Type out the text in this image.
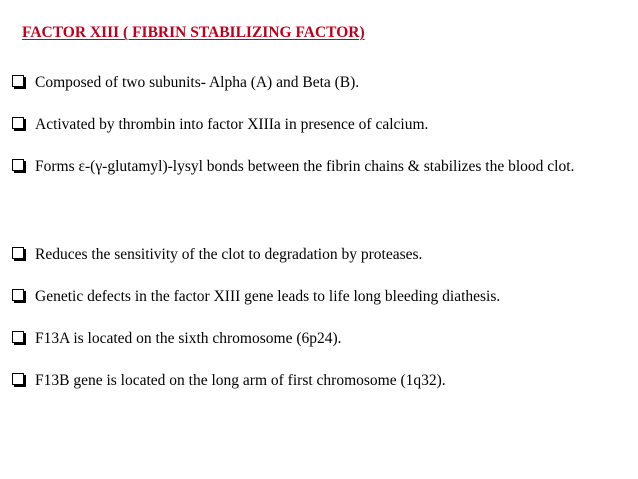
FACTOR XIII ( FIBRIN STABILIZING FACTOR)
Composed of two subunits- Alpha (A) and Beta (B).
Activated by thrombin into factor XIIIa in presence of calcium.
Forms ε-(γ-glutamyl)-lysyl bonds between the fibrin chains & stabilizes the blood clot.
Reduces the sensitivity of the clot to degradation by proteases.
Genetic defects in the factor XIII gene leads to life long bleeding diathesis.
F13A is located on the sixth chromosome (6p24).
F13B gene is located on the long arm of first chromosome (1q32).
